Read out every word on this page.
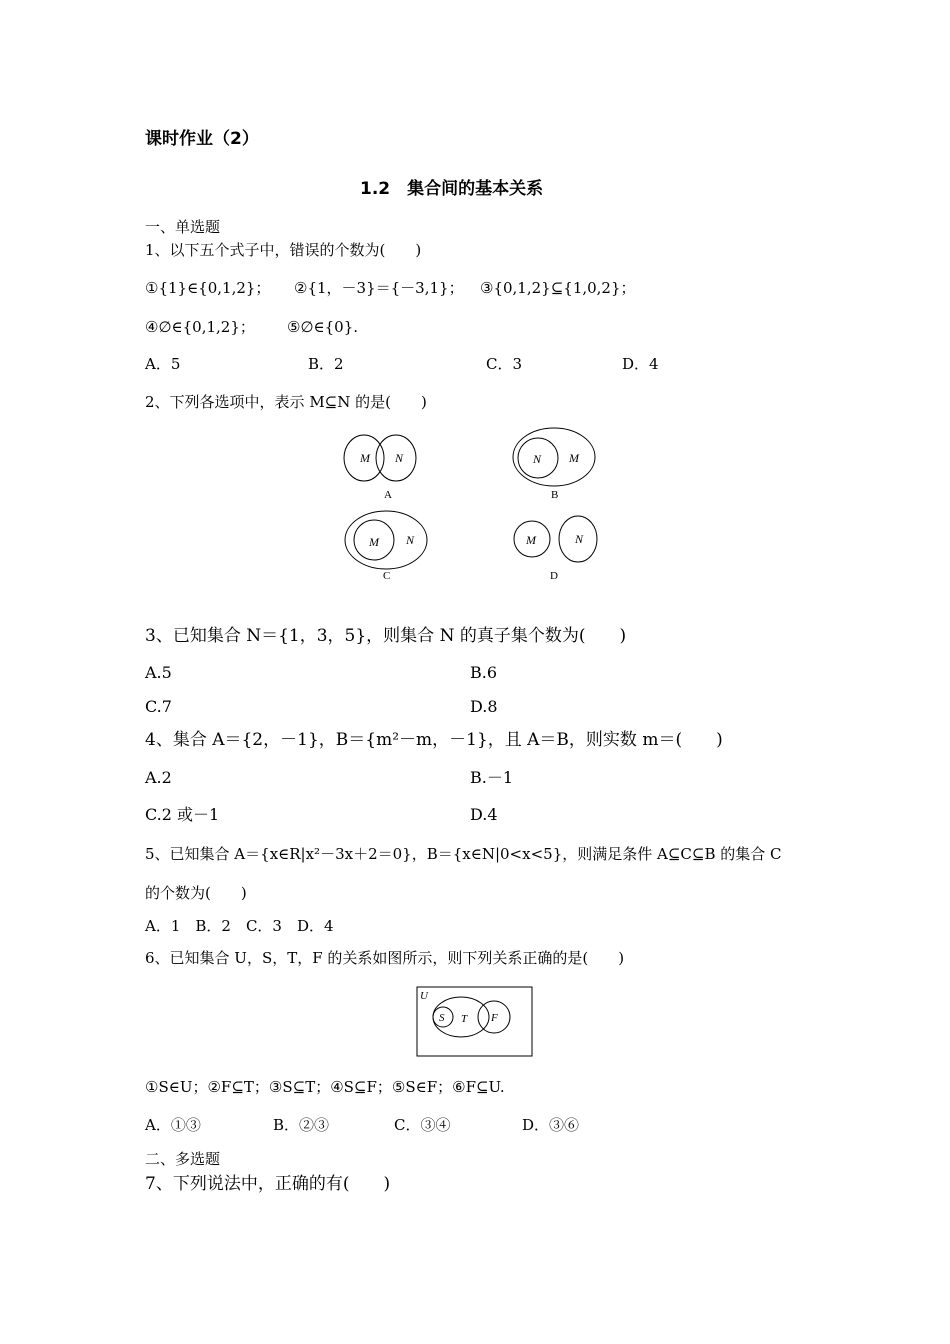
课时作业（2）
1.2　集合间的基本关系
一、单选题
1、以下五个式子中，错误的个数为(　　)
①{1}∈{0,1,2}； ②{1，－3}＝{－3,1}； ③{0,1,2}⊆{1,0,2}；
④∅∈{0,1,2}； ⑤∅∈{0}.
A．5	B．2	C．3	D．4
2、下列各选项中，表示 M⊆N 的是(　　)
M N
A
N M
B
M N
C
M	N
D
3、已知集合 N＝{1，3，5}，则集合 N 的真子集个数为(　　)
A.5	B.6
C.7	D.8
4、集合 A＝{2，－1}，B＝{m²－m，－1}，且 A＝B，则实数 m＝(　　)
A.2	B.－1
C.2 或－1	D.4
5、已知集合 A＝{x∈R|x²－3x＋2＝0}，B＝{x∈N|0<x<5}，则满足条件 A⊆C⊆B 的集合 C
的个数为(　　)
A．1　B．2　C．3　D．4
6、已知集合 U，S，T，F 的关系如图所示，则下列关系正确的是(　　)
U
S T F
①S∈U；②F⊆T；③S⊆T；④S⊆F；⑤S∈F；⑥F⊆U.
A．①③	B．②③	C．③④	D．③⑥
二、多选题
7、下列说法中，正确的有(　　)
